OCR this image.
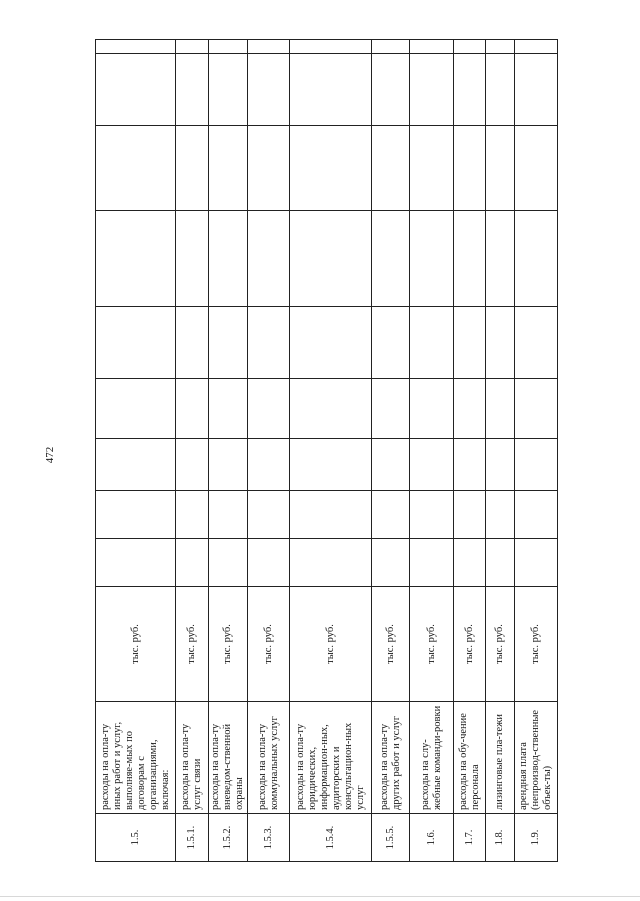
472
1.5.	расходы на опла-ту иных работ и услуг, выполняе-мых по договорам с организациями, включая:	тыс. руб.										
1.5.1.	расходы на опла-ту услуг связи	тыс. руб.										
1.5.2.	расходы на опла-ту вневедом-ственной охраны	тыс. руб.										
1.5.3.	расходы на опла-ту коммунальных услуг	тыс. руб.										
1.5.4.	расходы на опла-ту юридических, информацион-ных, аудиторских и консультацион-ных услуг	тыс. руб.										
1.5.5.	расходы на опла-ту других работ и услуг	тыс. руб.										
1.6.	расходы на слу-жебные команди-ровки	тыс. руб.										
1.7.	расходы на обу-чение персонала	тыс. руб.										
1.8.	лизинговые пла-тежи	тыс. руб.										
1.9.	арендная плата (непроизвод-ственные объек-ты)	тыс. руб.										
